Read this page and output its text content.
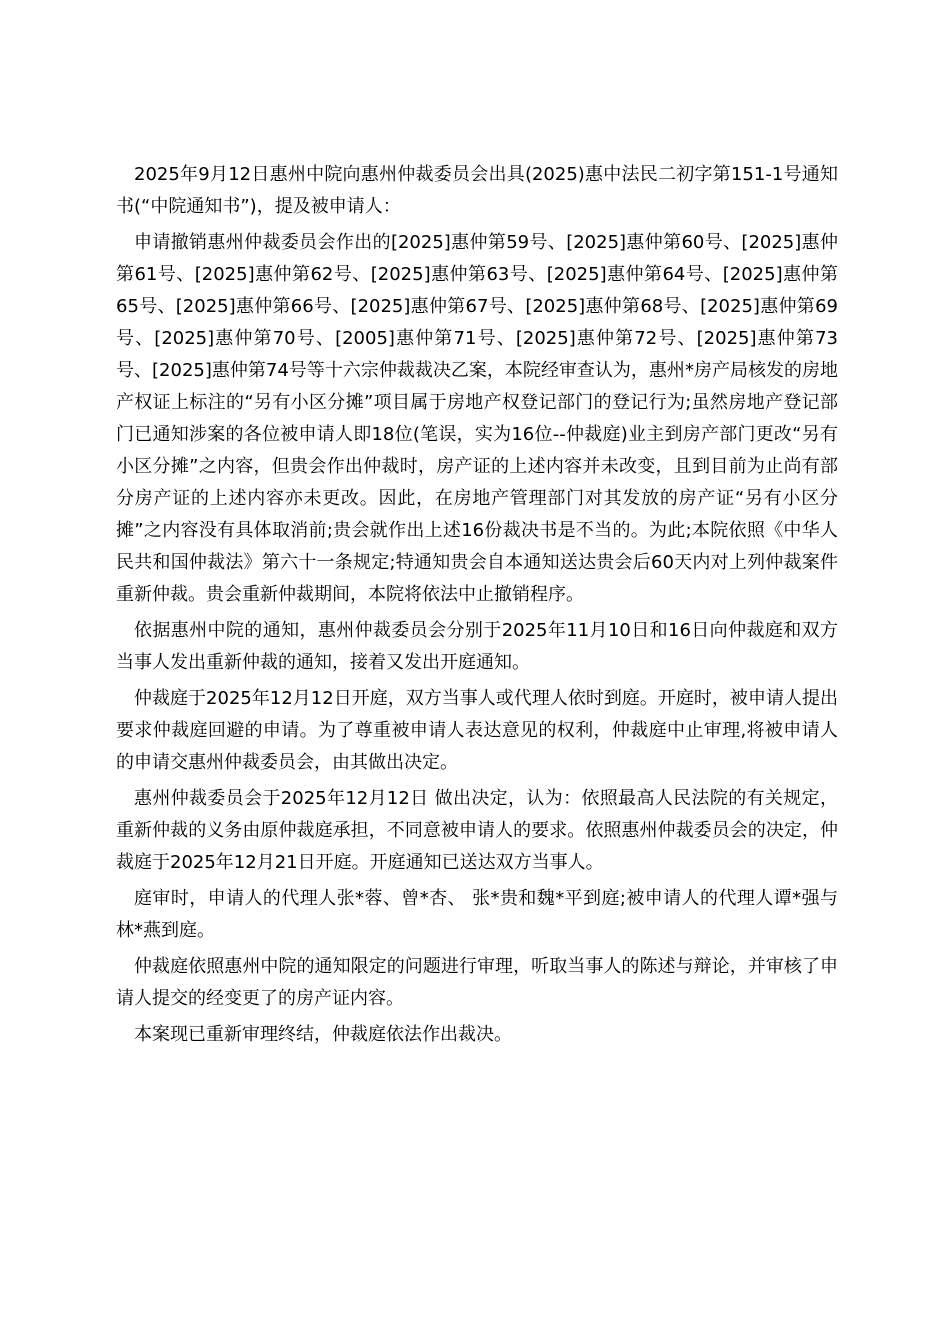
2025年9月12日惠州中院向惠州仲裁委员会出具(2025)惠中法民二初字第151-1号通知书(“中院通知书”)，提及被申请人：

申请撤销惠州仲裁委员会作出的[2025]惠仲第59号、[2025]惠仲第60号、[2025]惠仲第61号、[2025]惠仲第62号、[2025]惠仲第63号、[2025]惠仲第64号、[2025]惠仲第65号、[2025]惠仲第66号、[2025]惠仲第67号、[2025]惠仲第68号、[2025]惠仲第69号、[2025]惠仲第70号、[2005]惠仲第71号、[2025]惠仲第72号、[2025]惠仲第73号、[2025]惠仲第74号等十六宗仲裁裁决乙案，本院经审查认为，惠州*房产局核发的房地产权证上标注的“另有小区分摊”项目属于房地产权登记部门的登记行为;虽然房地产登记部门已通知涉案的各位被申请人即18位(笔误，实为16位--仲裁庭)业主到房产部门更改“另有小区分摊”之内容，但贵会作出仲裁时，房产证的上述内容并未改变，且到目前为止尚有部分房产证的上述内容亦未更改。因此，在房地产管理部门对其发放的房产证“另有小区分摊”之内容没有具体取消前;贵会就作出上述16份裁决书是不当的。为此;本院依照《中华人民共和国仲裁法》第六十一条规定;特通知贵会自本通知送达贵会后60天内对上列仲裁案件重新仲裁。贵会重新仲裁期间，本院将依法中止撤销程序。

依据惠州中院的通知，惠州仲裁委员会分别于2025年11月10日和16日向仲裁庭和双方当事人发出重新仲裁的通知，接着又发出开庭通知。

仲裁庭于2025年12月12日开庭，双方当事人或代理人依时到庭。开庭时，被申请人提出要求仲裁庭回避的申请。为了尊重被申请人表达意见的权利，仲裁庭中止审理,将被申请人的申请交惠州仲裁委员会，由其做出决定。

惠州仲裁委员会于2025年12月12日 做出决定，认为：依照最高人民法院的有关规定，重新仲裁的义务由原仲裁庭承担，不同意被申请人的要求。依照惠州仲裁委员会的决定，仲裁庭于2025年12月21日开庭。开庭通知已送达双方当事人。

庭审时，申请人的代理人张*蓉、曾*杏、 张*贵和魏*平到庭;被申请人的代理人谭*强与林*燕到庭。

仲裁庭依照惠州中院的通知限定的问题进行审理，听取当事人的陈述与辩论，并审核了申请人提交的经变更了的房产证内容。

本案现已重新审理终结，仲裁庭依法作出裁决。
